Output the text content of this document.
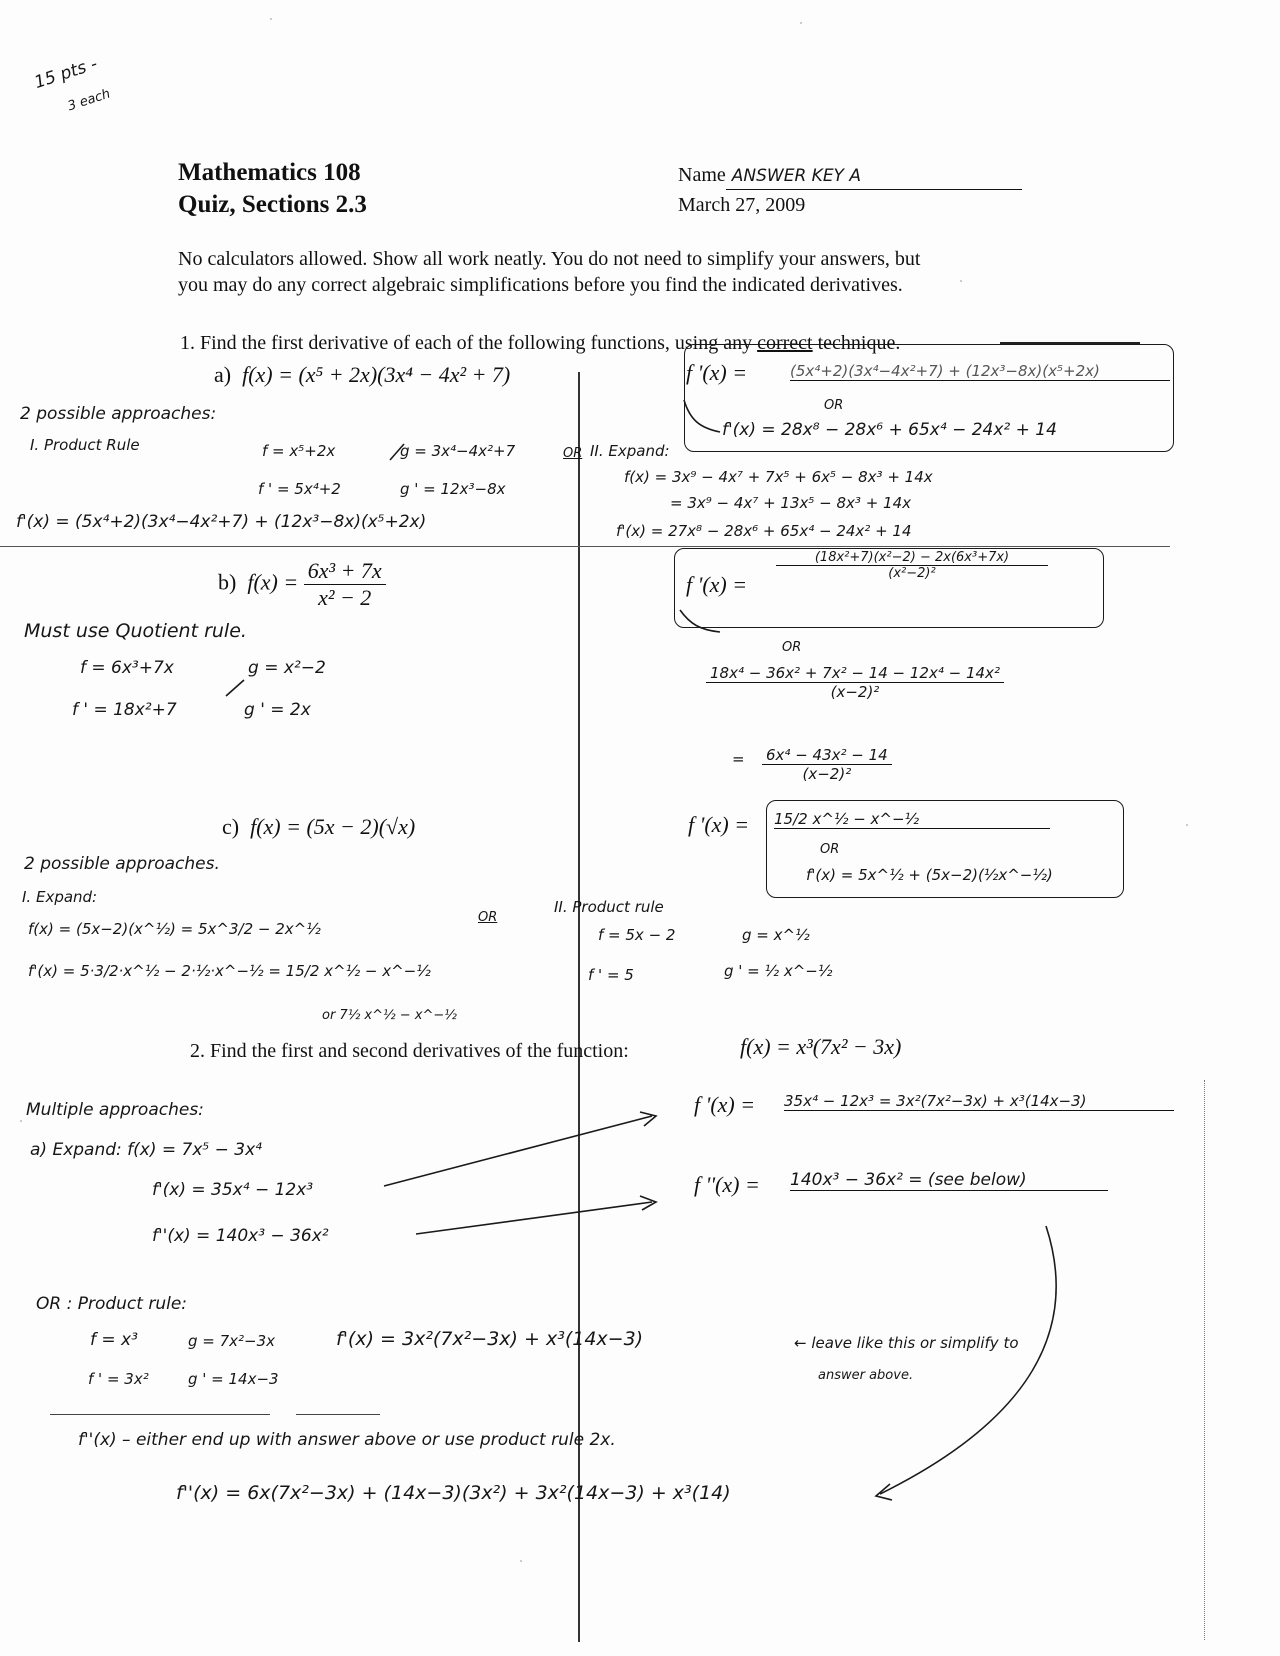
15 pts -
3 each
Mathematics 108
Quiz, Sections 2.3
Name ANSWER KEY A
March 27, 2009
No calculators allowed. Show all work neatly. You do not need to simplify your answers, but
you may do any correct algebraic simplifications before you find the indicated derivatives.
1. Find the first derivative of each of the following functions, using any correct technique.
a) f(x) = (x⁵ + 2x)(3x⁴ − 4x² + 7)	f '(x) =	(5x⁴+2)(3x⁴−4x²+7) + (12x³−8x)(x⁵+2x)
OR
f'(x) = 28x⁸ − 28x⁶ + 65x⁴ − 24x² + 14
2 possible approaches:
I. Product Rule	f = x⁵+2x	g = 3x⁴−4x²+7
f ' = 5x⁴+2	g ' = 12x³−8x
f'(x) = (5x⁴+2)(3x⁴−4x²+7) + (12x³−8x)(x⁵+2x)
OR II. Expand:
f(x) = 3x⁹ − 4x⁷ + 7x⁵ + 6x⁵ − 8x³ + 14x
= 3x⁹ − 4x⁷ + 13x⁵ − 8x³ + 14x
f'(x) = 27x⁸ − 28x⁶ + 65x⁴ − 24x² + 14
b) $f(x) = \frac{\text{6x³ + 7x}}{\text{x² − 2}}$	f '(x) =
(18x²+7)(x²−2) − 2x(6x³+7x)
(x²−2)²
Must use Quotient rule.
f = 6x³+7x	g = x²−2
f ' = 18x²+7	g ' = 2x
OR
18x⁴ − 36x² + 7x² − 14 − 12x⁴ − 14x²
(x−2)²
= 6x⁴ − 43x² − 14
(x−2)²
c) f(x) = (5x − 2)(√x)	f '(x) = 15/2 x^½ − x^−½
OR
f'(x) = 5x^½ + (5x−2)(½x^−½)
2 possible approaches.
I. Expand:
f(x) = (5x−2)(x^½) = 5x^3/2 − 2x^½
f'(x) = 5·3/2·x^½ − 2·½·x^−½ = 15/2 x^½ − x^−½
or 7½ x^½ − x^−½
OR
II. Product rule
f = 5x − 2	g = x^½
f ' = 5	g ' = ½ x^−½
2. Find the first and second derivatives of the function:	f(x) = x³(7x² − 3x)
f '(x) = 35x⁴ − 12x³ = 3x²(7x²−3x) + x³(14x−3)
f ''(x) = 140x³ − 36x² = (see below)
Multiple approaches:
a) Expand: f(x) = 7x⁵ − 3x⁴
f'(x) = 35x⁴ − 12x³
f''(x) = 140x³ − 36x²
OR : Product rule:
f = x³	g = 7x²−3x
f ' = 3x²	g ' = 14x−3
f'(x) = 3x²(7x²−3x) + x³(14x−3)	← leave like this or simplify to
answer above.
f''(x) – either end up with answer above or use product rule 2x.
f''(x) = 6x(7x²−3x) + (14x−3)(3x²) + 3x²(14x−3) + x³(14)
